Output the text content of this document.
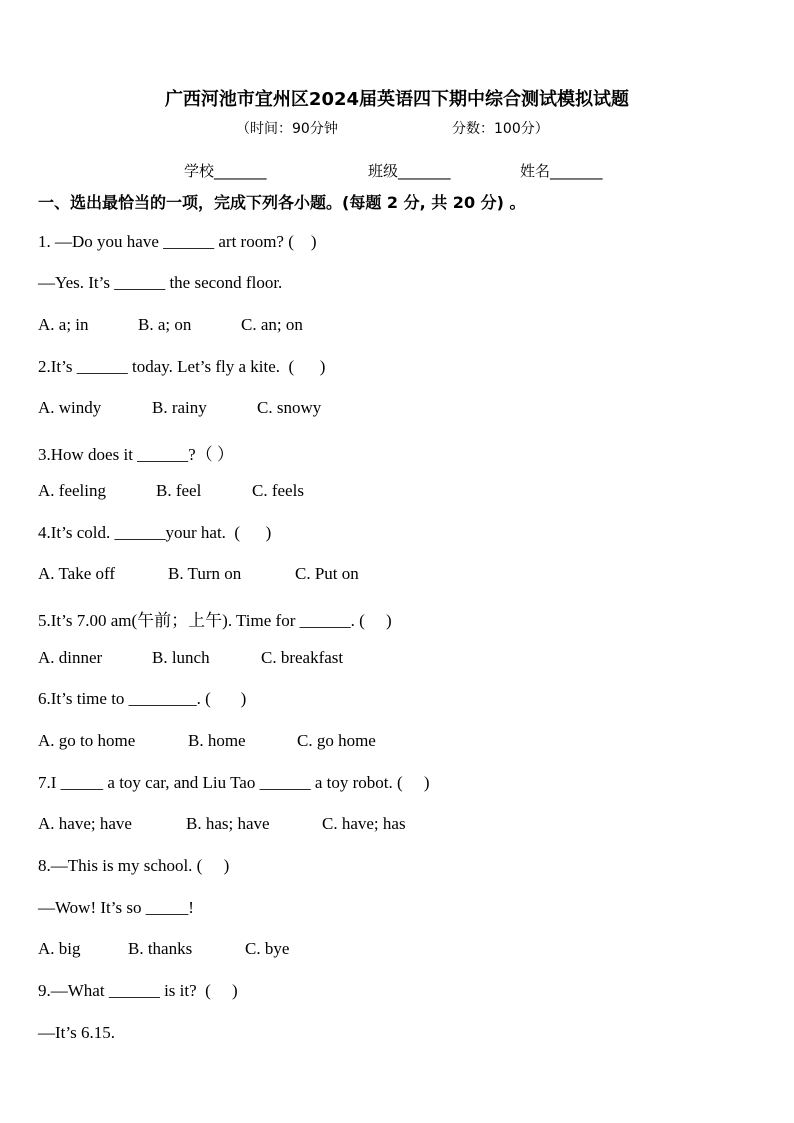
广西河池市宜州区2024届英语四下期中综合测试模拟试题
（时间：90分钟	分数：100分）
学校_______	班级_______	姓名_______
一、选出最恰当的一项，完成下列各小题。(每题 2 分, 共 20 分) 。
1. —Do you have ______ art room? (    )
—Yes. It’s ______ the second floor.
A. a; in	B. a; on	C. an; on
2.It’s ______ today. Let’s fly a kite.  (      )
A. windy	B. rainy	C. snowy
3.How does it ______?（ ）
A. feeling	B. feel	C. feels
4.It’s cold. ______your hat.  (      )
A. Take off	B. Turn on	C. Put on
5.It’s 7.00 am(午前；上午). Time for ______. (     )
A. dinner	B. lunch	C. breakfast
6.It’s time to ________. (       )
A. go to home	B. home	C. go home
7.I _____ a toy car, and Liu Tao ______ a toy robot. (     )
A. have; have	B. has; have	C. have; has
8.—This is my school. (     )
—Wow! It’s so _____!
A. big	B. thanks	C. bye
9.—What ______ is it?  (     )
—It’s 6.15.
